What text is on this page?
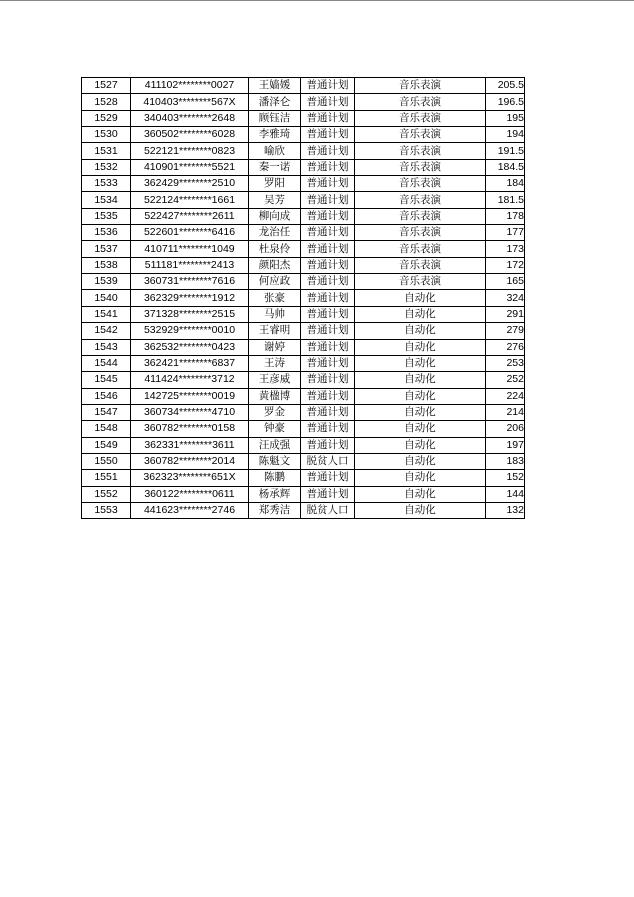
1527	411102********0027	王嫱媛	普通计划	音乐表演	205.5
1528	410403********567X	潘泽仑	普通计划	音乐表演	196.5
1529	340403********2648	顾钰洁	普通计划	音乐表演	195
1530	360502********6028	李雅琦	普通计划	音乐表演	194
1531	522121********0823	喻欣	普通计划	音乐表演	191.5
1532	410901********5521	秦一诺	普通计划	音乐表演	184.5
1533	362429********2510	罗阳	普通计划	音乐表演	184
1534	522124********1661	吴芳	普通计划	音乐表演	181.5
1535	522427********2611	柳向成	普通计划	音乐表演	178
1536	522601********6416	龙治任	普通计划	音乐表演	177
1537	410711********1049	杜泉伶	普通计划	音乐表演	173
1538	511181********2413	颜阳杰	普通计划	音乐表演	172
1539	360731********7616	何应政	普通计划	音乐表演	165
1540	362329********1912	张豪	普通计划	自动化	324
1541	371328********2515	马帅	普通计划	自动化	291
1542	532929********0010	王睿明	普通计划	自动化	279
1543	362532********0423	谢婷	普通计划	自动化	276
1544	362421********6837	王涛	普通计划	自动化	253
1545	411424********3712	王彦威	普通计划	自动化	252
1546	142725********0019	黄楹博	普通计划	自动化	224
1547	360734********4710	罗金	普通计划	自动化	214
1548	360782********0158	钟豪	普通计划	自动化	206
1549	362331********3611	汪成强	普通计划	自动化	197
1550	360782********2014	陈魁文	脱贫人口	自动化	183
1551	362323********651X	陈鹏	普通计划	自动化	152
1552	360122********0611	杨承辉	普通计划	自动化	144
1553	441623********2746	郑秀洁	脱贫人口	自动化	132
